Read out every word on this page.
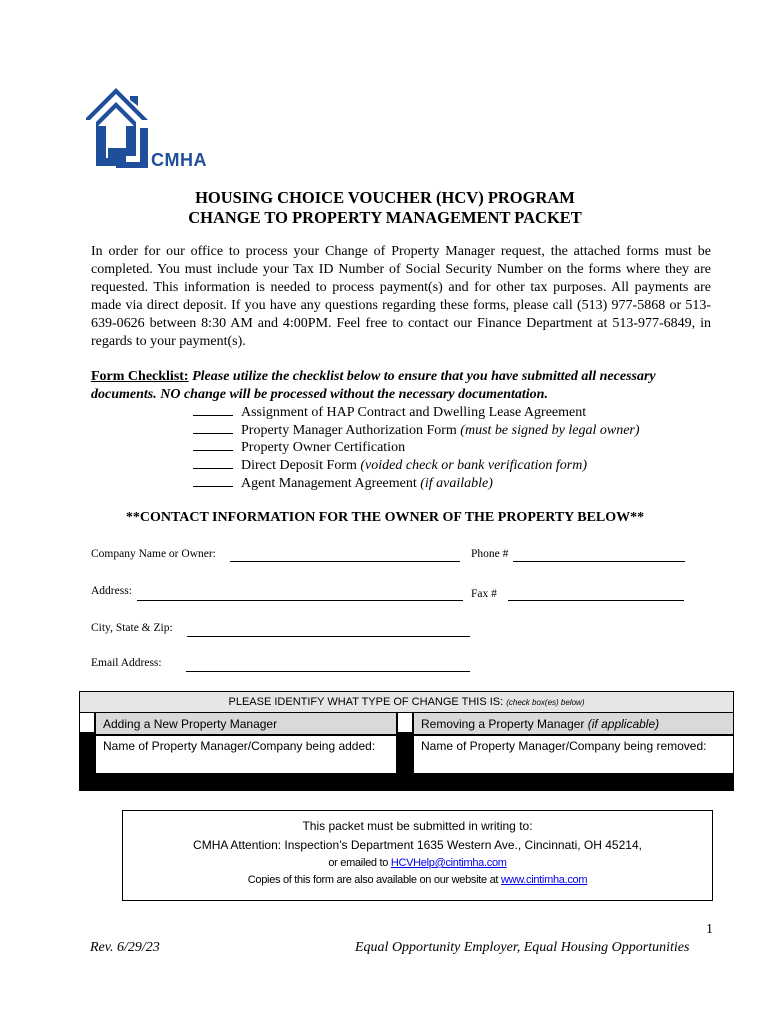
CMHA
HOUSING CHOICE VOUCHER (HCV) PROGRAM
CHANGE TO PROPERTY MANAGEMENT PACKET
In order for our office to process your Change of Property Manager request, the attached forms must be completed. You must include your Tax ID Number of Social Security Number on the forms where they are requested. This information is needed to process payment(s) and for other tax purposes. All payments are made via direct deposit. If you have any questions regarding these forms, please call (513) 977-5868 or 513-639-0626 between 8:30 AM and 4:00PM. Feel free to contact our Finance Department at 513-977-6849, in regards to your payment(s).
Form Checklist: Please utilize the checklist below to ensure that you have submitted all necessary documents. NO change will be processed without the necessary documentation.
Assignment of HAP Contract and Dwelling Lease Agreement
Property Manager Authorization Form (must be signed by legal owner)
Property Owner Certification
Direct Deposit Form (voided check or bank verification form)
Agent Management Agreement (if available)
**CONTACT INFORMATION FOR THE OWNER OF THE PROPERTY BELOW**
Company Name or Owner:	Phone #
Address:	Fax #
City, State & Zip:
Email Address:
PLEASE IDENTIFY WHAT TYPE OF CHANGE THIS IS: (check box(es) below)
Adding a New Property Manager	Removing a Property Manager (if applicable)
Name of Property Manager/Company being added:	Name of Property Manager/Company being removed:
This packet must be submitted in writing to:
CMHA Attention: Inspection’s Department 1635 Western Ave., Cincinnati, OH 45214,
or emailed to HCVHelp@cintimha.com
Copies of this form are also available on our website at www.cintimha.com
1
Rev. 6/29/23	Equal Opportunity Employer, Equal Housing Opportunities
